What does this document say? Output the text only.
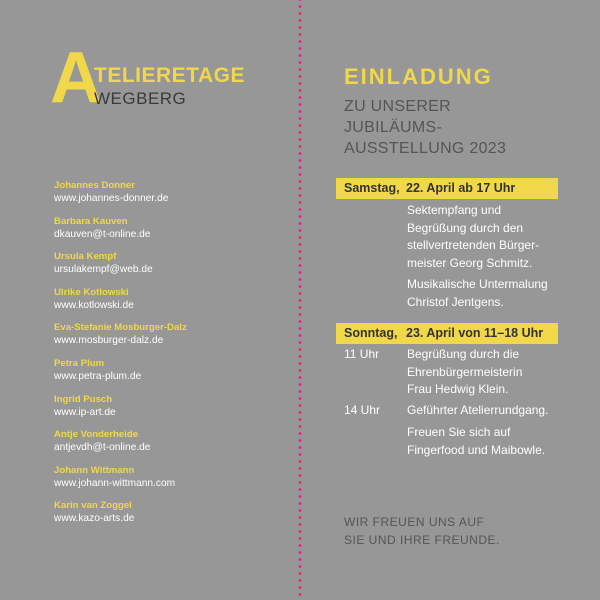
A
TELIERETAGE
WEGBERG
Johannes Donner
www.johannes-donner.de
Barbara Kauven
dkauven@t-online.de
Ursula Kempf
ursulakempf@web.de
Ulrike Kotlowski
www.kotlowski.de
Eva-Stefanie Mosburger-Dalz
www.mosburger-dalz.de
Petra Plum
www.petra-plum.de
Ingrid Pusch
www.ip-art.de
Antje Vonderheide
antjevdh@t-online.de
Johann Wittmann
www.johann-wittmann.com
Karin van Zoggel
www.kazo-arts.de
EINLADUNG
ZU UNSERER
JUBILÄUMS-
AUSSTELLUNG 2023
Samstag, 22. April ab 17 Uhr
Sektempfang und
Begrüßung durch den
stellvertretenden Bürger-
meister Georg Schmitz.
Musikalische Untermalung
Christof Jentgens.
Sonntag, 23. April von 11–18 Uhr
11 Uhr Begrüßung durch die
Ehrenbürgermeisterin
Frau Hedwig Klein.
14 Uhr Geführter Atelierrundgang.
Freuen Sie sich auf
Fingerfood und Maibowle.
WIR FREUEN UNS AUF
SIE UND IHRE FREUNDE.
